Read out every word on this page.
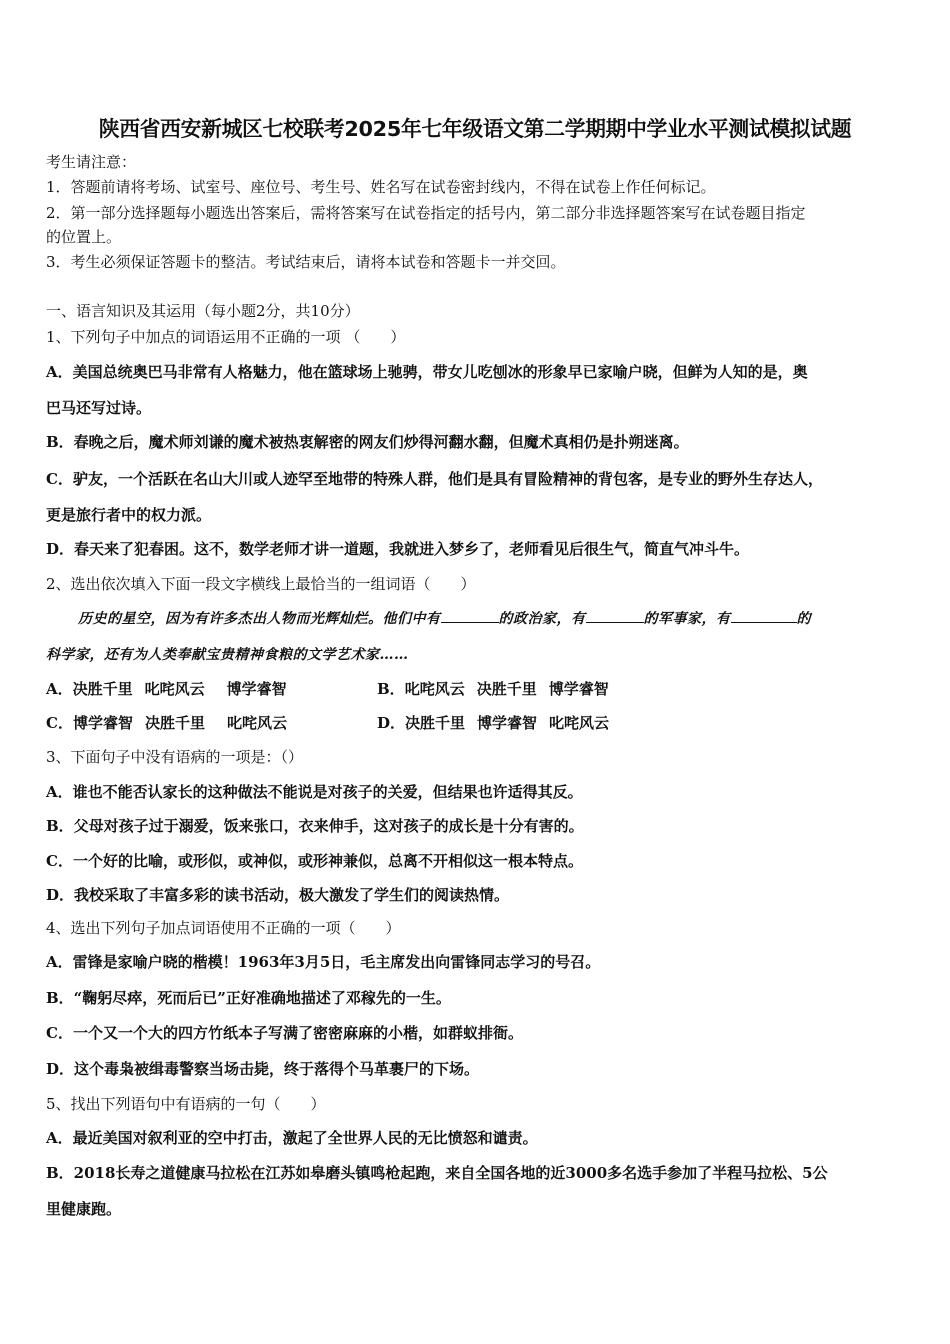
陕西省西安新城区七校联考2025年七年级语文第二学期期中学业水平测试模拟试题
考生请注意：
1．答题前请将考场、试室号、座位号、考生号、姓名写在试卷密封线内，不得在试卷上作任何标记。
2．第一部分选择题每小题选出答案后，需将答案写在试卷指定的括号内，第二部分非选择题答案写在试卷题目指定
的位置上。
3．考生必须保证答题卡的整洁。考试结束后，请将本试卷和答题卡一并交回。
一、语言知识及其运用（每小题2分，共10分）
1、下列句子中加点的词语运用不正确的一项 （　　）
A．美国总统奥巴马非常有人格魅力，他在篮球场上驰骋，带女儿吃刨冰的形象早已家喻户晓，但鲜为人知的是，奥
巴马还写过诗。
B．春晚之后，魔术师刘谦的魔术被热衷解密的网友们炒得河翻水翻，但魔术真相仍是扑朔迷离。
C．驴友，一个活跃在名山大川或人迹罕至地带的特殊人群，他们是具有冒险精神的背包客，是专业的野外生存达人，
更是旅行者中的权力派。
D．春天来了犯春困。这不，数学老师才讲一道题，我就进入梦乡了，老师看见后很生气，简直气冲斗牛。
2、选出依次填入下面一段文字横线上最恰当的一组词语（　　）
历史的星空，因为有许多杰出人物而光辉灿烂。他们中有	的政治家，有	的军事家，有	的
科学家，还有为人类奉献宝贵精神食粮的文学艺术家……
A．决胜千里 叱咤风云 博学睿智	B．叱咤风云 决胜千里 博学睿智
C．博学睿智 决胜千里 叱咤风云	D．决胜千里 博学睿智 叱咤风云
3、下面句子中没有语病的一项是：（）
A．谁也不能否认家长的这种做法不能说是对孩子的关爱，但结果也许适得其反。
B．父母对孩子过于溺爱，饭来张口，衣来伸手，这对孩子的成长是十分有害的。
C．一个好的比喻，或形似，或神似，或形神兼似，总离不开相似这一根本特点。
D．我校采取了丰富多彩的读书活动，极大激发了学生们的阅读热情。
4、选出下列句子加点词语使用不正确的一项（　　）
A．雷锋是家喻户晓的楷模！1963年3月5日，毛主席发出向雷锋同志学习的号召。
B．“鞠躬尽瘁，死而后已”正好准确地描述了邓稼先的一生。
C．一个又一个大的四方竹纸本子写满了密密麻麻的小楷，如群蚁排衙。
D．这个毒枭被缉毒警察当场击毙，终于落得个马革裹尸的下场。
5、找出下列语句中有语病的一句（　　）
A．最近美国对叙利亚的空中打击，激起了全世界人民的无比愤怒和谴责。
B．2018长寿之道健康马拉松在江苏如皋磨头镇鸣枪起跑，来自全国各地的近3000多名选手参加了半程马拉松、5公
里健康跑。
